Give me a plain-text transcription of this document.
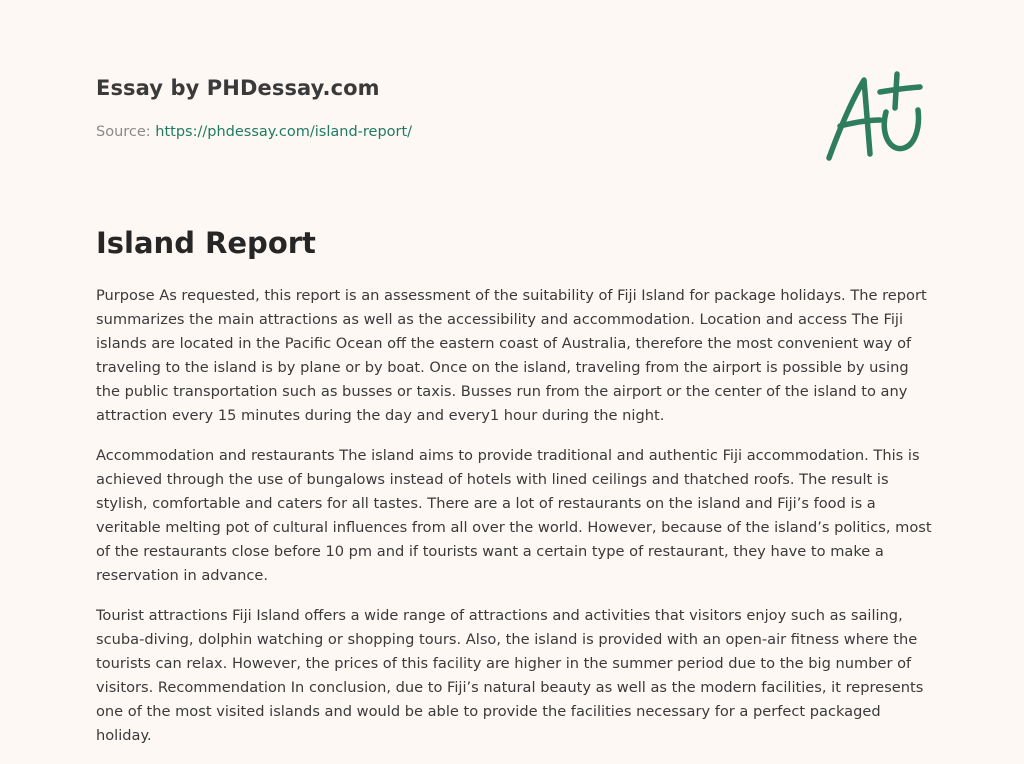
Essay by PHDessay.com
Source: https://phdessay.com/island-report/
Island Report

Purpose As requested, this report is an assessment of the suitability of Fiji Island for package holidays. The report summarizes the main attractions as well as the accessibility and accommodation. Location and access The Fiji islands are located in the Pacific Ocean off the eastern coast of Australia, therefore the most convenient way of traveling to the island is by plane or by boat. Once on the island, traveling from the airport is possible by using the public transportation such as busses or taxis. Busses run from the airport or the center of the island to any attraction every 15 minutes during the day and every1 hour during the night.

Accommodation and restaurants The island aims to provide traditional and authentic Fiji accommodation. This is achieved through the use of bungalows instead of hotels with lined ceilings and thatched roofs. The result is stylish, comfortable and caters for all tastes. There are a lot of restaurants on the island and Fiji’s food is a veritable melting pot of cultural influences from all over the world. However, because of the island’s politics, most of the restaurants close before 10 pm and if tourists want a certain type of restaurant, they have to make a reservation in advance.

Tourist attractions Fiji Island offers a wide range of attractions and activities that visitors enjoy such as sailing, scuba-diving, dolphin watching or shopping tours. Also, the island is provided with an open-air fitness where the tourists can relax. However, the prices of this facility are higher in the summer period due to the big number of visitors. Recommendation In conclusion, due to Fiji’s natural beauty as well as the modern facilities, it represents one of the most visited islands and would be able to provide the facilities necessary for a perfect packaged holiday.
